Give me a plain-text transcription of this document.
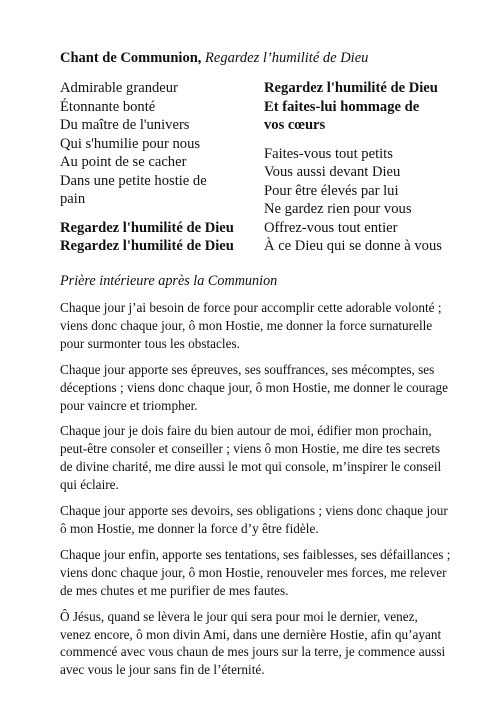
Chant de Communion, Regardez l’humilité de Dieu
Admirable grandeur
Étonnante bonté
Du maître de l'univers
Qui s'humilie pour nous
Au point de se cacher
Dans une petite hostie de
pain
Regardez l'humilité de Dieu
Regardez l'humilité de Dieu
Regardez l'humilité de Dieu
Et faites-lui hommage de
vos cœurs
Faites-vous tout petits
Vous aussi devant Dieu
Pour être élevés par lui
Ne gardez rien pour vous
Offrez-vous tout entier
À ce Dieu qui se donne à vous
Prière intérieure après la Communion

Chaque jour j’ai besoin de force pour accomplir cette adorable volonté ;
viens donc chaque jour, ô mon Hostie, me donner la force surnaturelle
pour surmonter tous les obstacles.

Chaque jour apporte ses épreuves, ses souffrances, ses mécomptes, ses
déceptions ; viens donc chaque jour, ô mon Hostie, me donner le courage
pour vaincre et triompher.

Chaque jour je dois faire du bien autour de moi, édifier mon prochain,
peut-être consoler et conseiller ; viens ô mon Hostie, me dire tes secrets
de divine charité, me dire aussi le mot qui console, m’inspirer le conseil
qui éclaire.

Chaque jour apporte ses devoirs, ses obligations ; viens donc chaque jour
ô mon Hostie, me donner la force d’y être fidèle.

Chaque jour enfin, apporte ses tentations, ses faiblesses, ses défaillances ;
viens donc chaque jour, ô mon Hostie, renouveler mes forces, me relever
de mes chutes et me purifier de mes fautes.

Ô Jésus, quand se lèvera le jour qui sera pour moi le dernier, venez,
venez encore, ô mon divin Ami, dans une dernière Hostie, afin qu’ayant
commencé avec vous chaun de mes jours sur la terre, je commence aussi
avec vous le jour sans fin de l’éternité.
